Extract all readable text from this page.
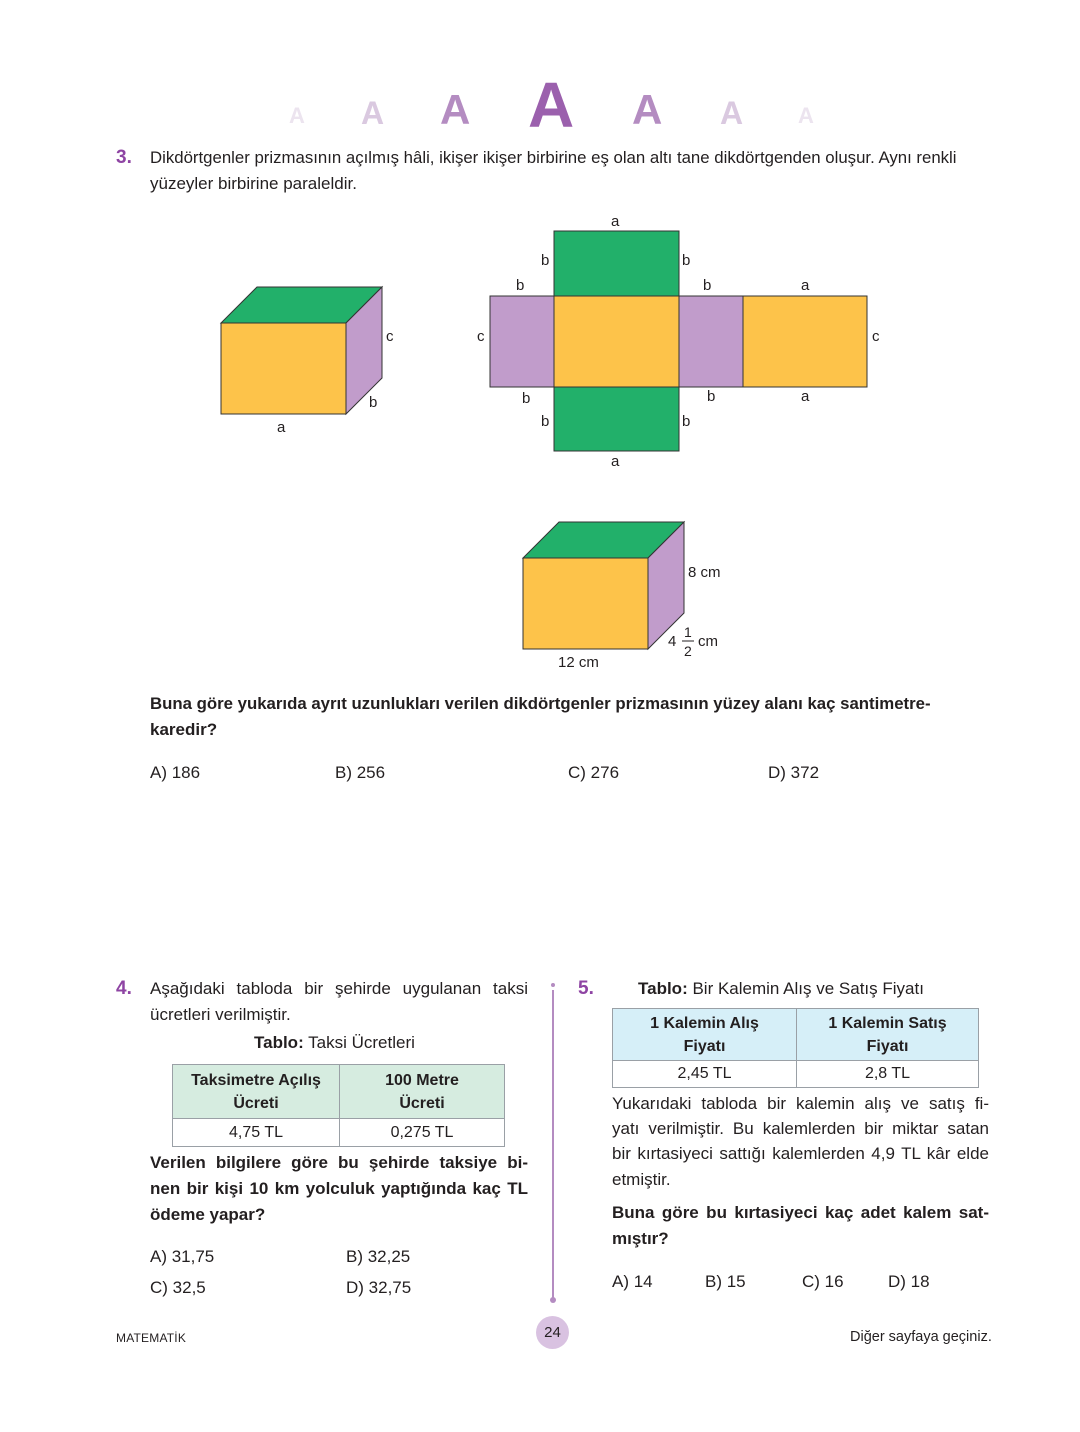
A A A A A A A
3. Dikdörtgenler prizmasının açılmış hâli, ikişer ikişer birbirine eş olan altı tane dikdörtgenden oluşur. Aynı renkli
yüzeyler birbirine paraleldir.
c
b
a
a
b	b
b	b	a
c	c
b	b	a
b	b
a
8 cm
12 cm
4
1
2
cm
Buna göre yukarıda ayrıt uzunlukları verilen dikdörtgenler prizmasının yüzey alanı kaç santimetre-
karedir?
A) 186	B) 256	C) 276	D) 372
4. Aşağıdaki tabloda bir şehirde uygulanan taksi
ücretleri verilmiştir.
Tablo: Taksi Ücretleri
Taksimetre Açılış
Ücreti	100 Metre
Ücreti
4,75 TL	0,275 TL
Verilen bilgilere göre bu şehirde taksiye bi-
nen bir kişi 10 km yolculuk yaptığında kaç TL
ödeme yapar?
A) 31,75	B) 32,25
C) 32,5	D) 32,75
5.	Tablo: Bir Kalemin Alış ve Satış Fiyatı
1 Kalemin Alış
Fiyatı	1 Kalemin Satış
Fiyatı
2,45 TL	2,8 TL
Yukarıdaki tabloda bir kalemin alış ve satış fi-
yatı verilmiştir. Bu kalemlerden bir miktar satan
bir kırtasiyeci sattığı kalemlerden 4,9 TL kâr elde
etmiştir.
Buna göre bu kırtasiyeci kaç adet kalem sat-
mıştır?
A) 14	B) 15	C) 16	D) 18
MATEMATİK	24	Diğer sayfaya geçiniz.
